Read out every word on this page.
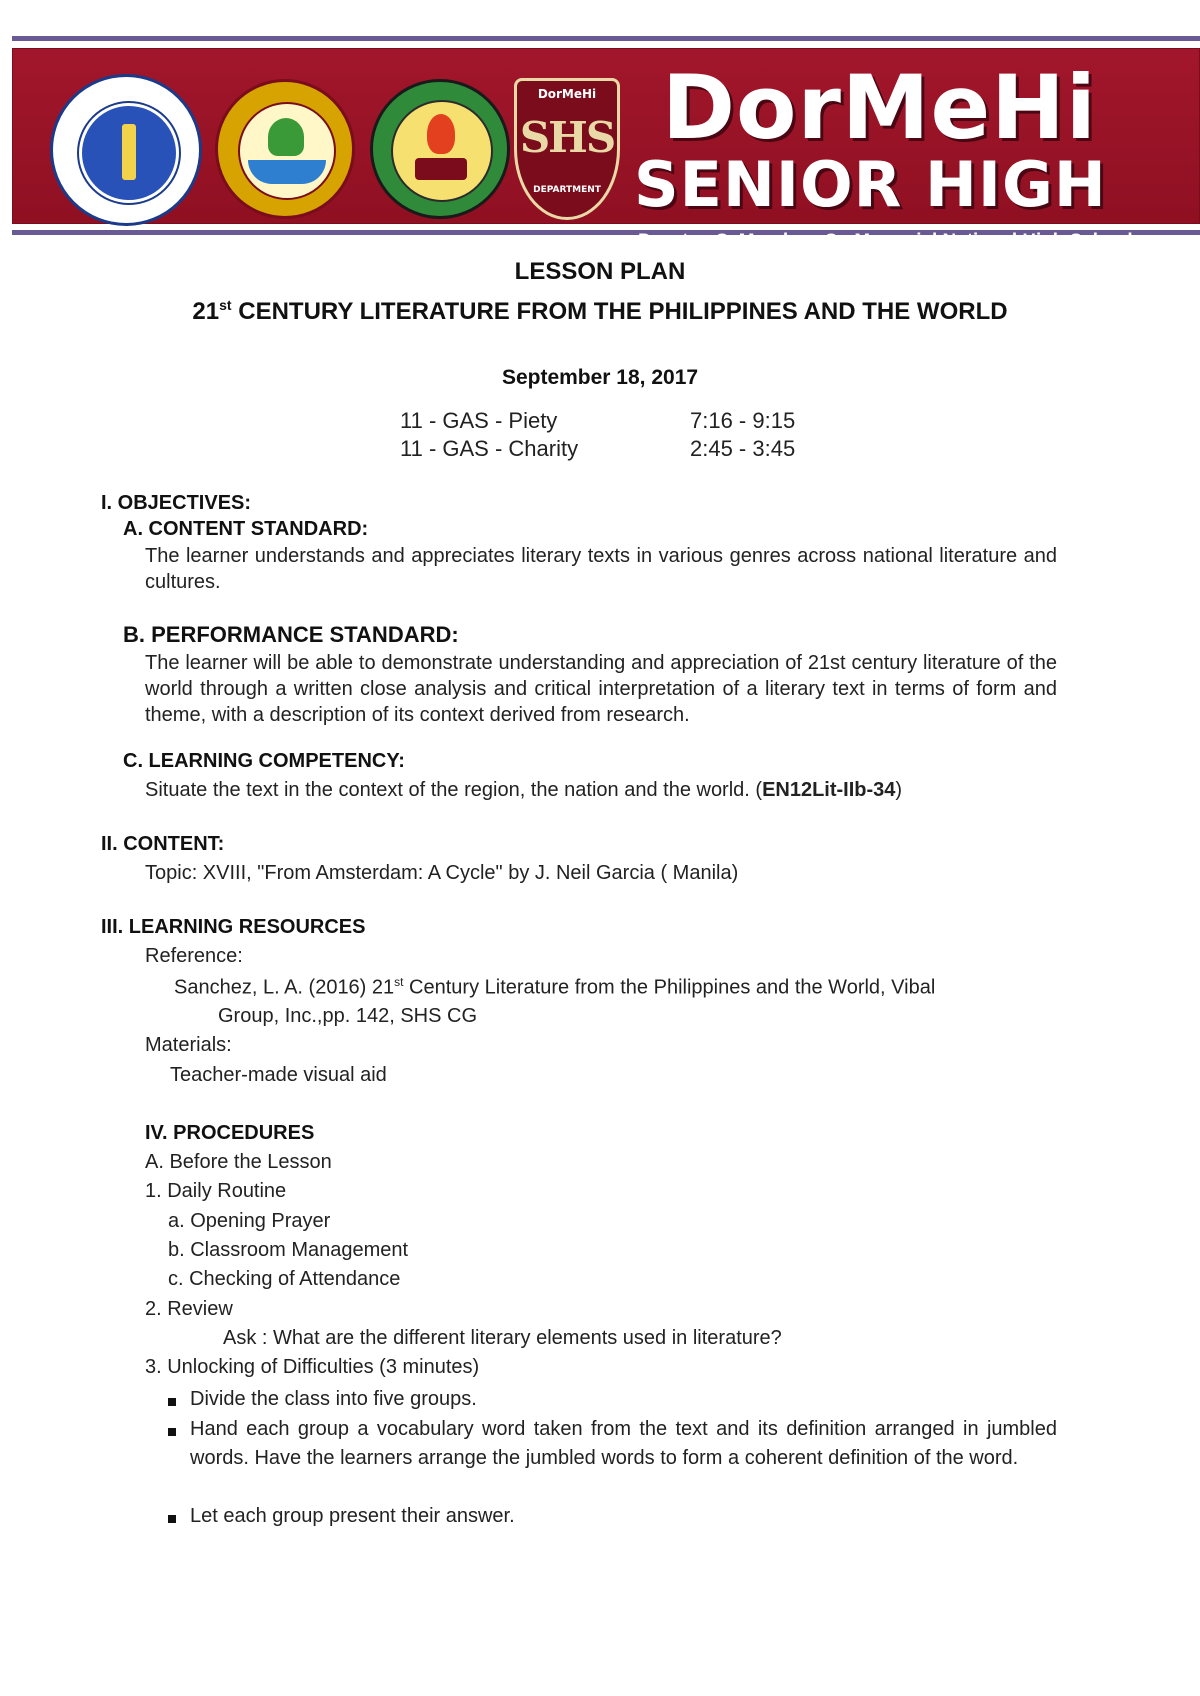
DorMeHi
SHS
DEPARTMENT
DorMeHi
SENIOR HIGH
Doroteo S. Mendoza Sr. Memorial National High School
LESSON PLAN
21st CENTURY LITERATURE FROM THE PHILIPPINES AND THE WORLD
September 18, 2017
11 - GAS - Piety	7:16 - 9:15
11 - GAS - Charity	2:45 - 3:45
I. OBJECTIVES:
A. CONTENT STANDARD:
The learner understands and appreciates literary texts in various genres across national literature and cultures.
B. PERFORMANCE STANDARD:
The learner will be able to demonstrate understanding and appreciation of 21st century literature of the world through a written close analysis and critical interpretation of a literary text in terms of form and theme, with a description of its context derived from research.
C. LEARNING COMPETENCY:
Situate the text in the context of the region, the nation and the world. (EN12Lit-IIb-34)
II. CONTENT:
Topic: XVIII, "From Amsterdam: A Cycle" by J. Neil Garcia ( Manila)
III. LEARNING RESOURCES
Reference:
Sanchez, L. A. (2016) 21st Century Literature from the Philippines and the World, Vibal
Group, Inc.,pp. 142, SHS CG
Materials:
Teacher-made visual aid
IV. PROCEDURES
A. Before the Lesson
1. Daily Routine
a. Opening Prayer
b. Classroom Management
c. Checking of Attendance
2. Review
Ask : What are the different literary elements used in literature?
3. Unlocking of Difficulties (3 minutes)
Divide the class into five groups.
Hand each group a vocabulary word taken from the text and its definition arranged in jumbled words. Have the learners arrange the jumbled words to form a coherent definition of the word.
Let each group present their answer.
